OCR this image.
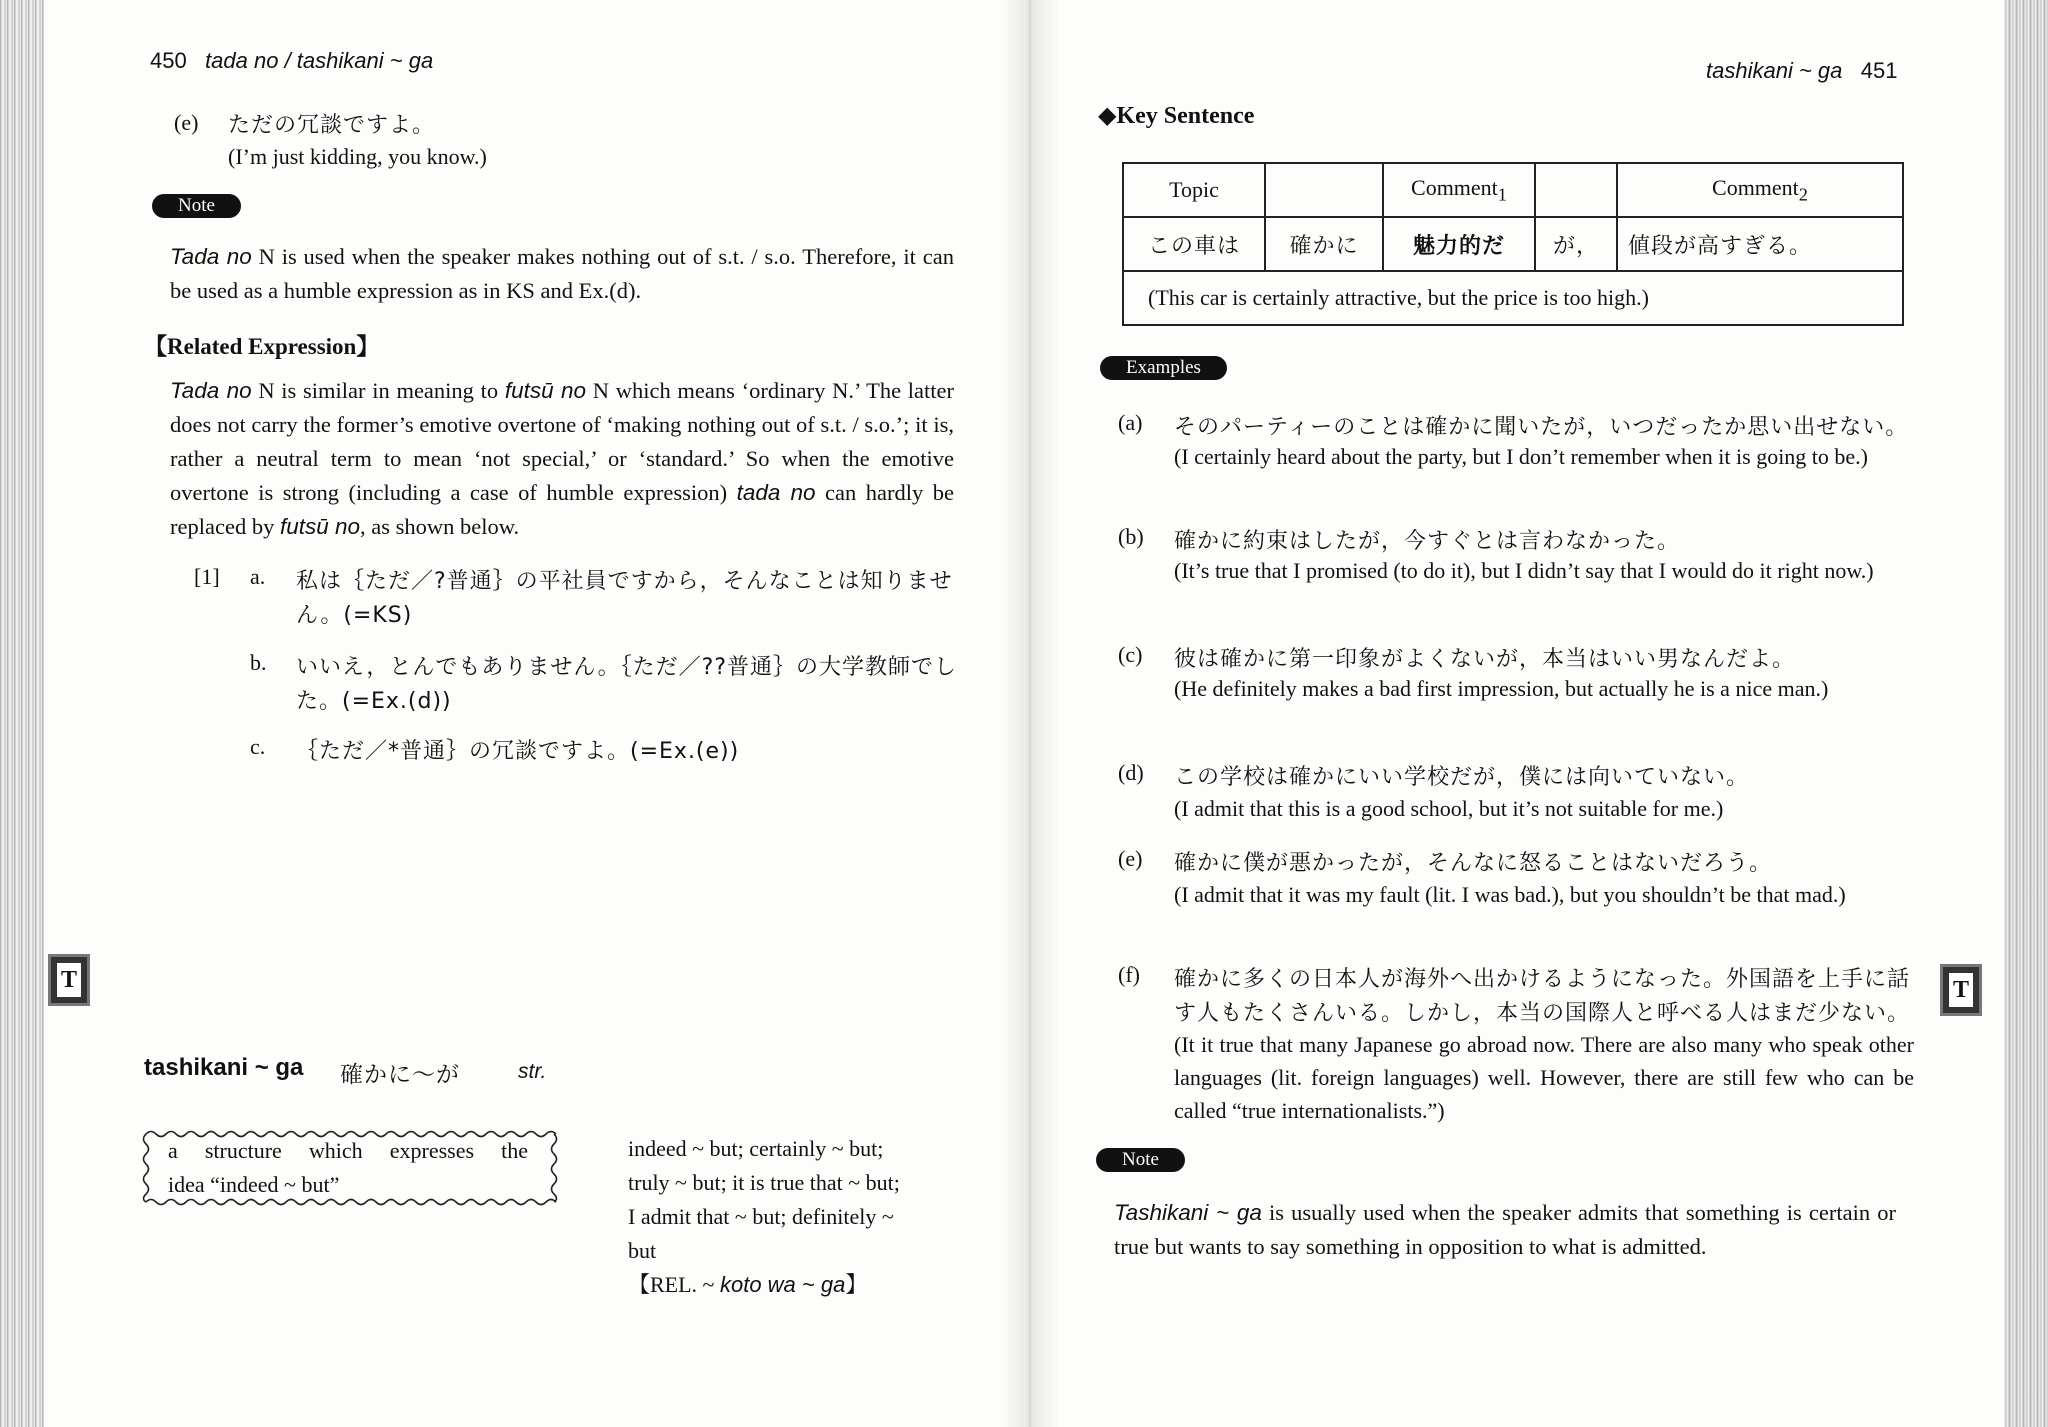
450 tada no / tashikani ~ ga
(e) ただの冗談ですよ。
(I’m just kidding, you know.)
Note
Tada no N is used when the speaker makes nothing out of s.t. / s.o. Therefore, it can be used as a humble expression as in KS and Ex.(d).
【Related Expression】
Tada no N is similar in meaning to futsū no N which means ‘ordinary N.’ The latter does not carry the former’s emotive overtone of ‘making nothing out of s.t. / s.o.’; it is, rather a neutral term to mean ‘not special,’ or ‘standard.’ So when the emotive overtone is strong (including a case of humble expression) tada no can hardly be replaced by futsū no, as shown below.
[1] a. 私は｛ただ／?普通｝の平社員ですから，そんなことは知りませ
ん。(=KS)
b. いいえ，とんでもありません。｛ただ／??普通｝の大学教師でし
た。(=Ex.(d))
c. ｛ただ／*普通｝の冗談ですよ。(=Ex.(e))
T
tashikani ~ ga 確かに〜が	str.
a structure which expresses the
idea “indeed ~ but”
indeed ~ but; certainly ~ but;
truly ~ but; it is true that ~ but;
I admit that ~ but; definitely ~
but
【REL. ~ koto wa ~ ga】
tashikani ~ ga 451
◆Key Sentence
Topic		Comment$_1$		Comment$_2$
この車は	確かに	魅力的だ	が，	値段が高すぎる。
(This car is certainly attractive, but the price is too high.)				
Examples
(a) そのパーティーのことは確かに聞いたが，いつだったか思い出せない。
(I certainly heard about the party, but I don’t remember when it is going to be.)
(b) 確かに約束はしたが，今すぐとは言わなかった。
(It’s true that I promised (to do it), but I didn’t say that I would do it right now.)
(c) 彼は確かに第一印象がよくないが，本当はいい男なんだよ。
(He definitely makes a bad first impression, but actually he is a nice man.)
(d) この学校は確かにいい学校だが，僕には向いていない。
(I admit that this is a good school, but it’s not suitable for me.)
(e) 確かに僕が悪かったが，そんなに怒ることはないだろう。
(I admit that it was my fault (lit. I was bad.), but you shouldn’t be that mad.)
(f) 確かに多くの日本人が海外へ出かけるようになった。外国語を上手に話
す人もたくさんいる。しかし，本当の国際人と呼べる人はまだ少ない。
(It it true that many Japanese go abroad now. There are also many who speak other languages (lit. foreign languages) well. However, there are still few who can be called “true internationalists.”)
Note
Tashikani ~ ga is usually used when the speaker admits that something is certain or true but wants to say something in opposition to what is admitted.
T
